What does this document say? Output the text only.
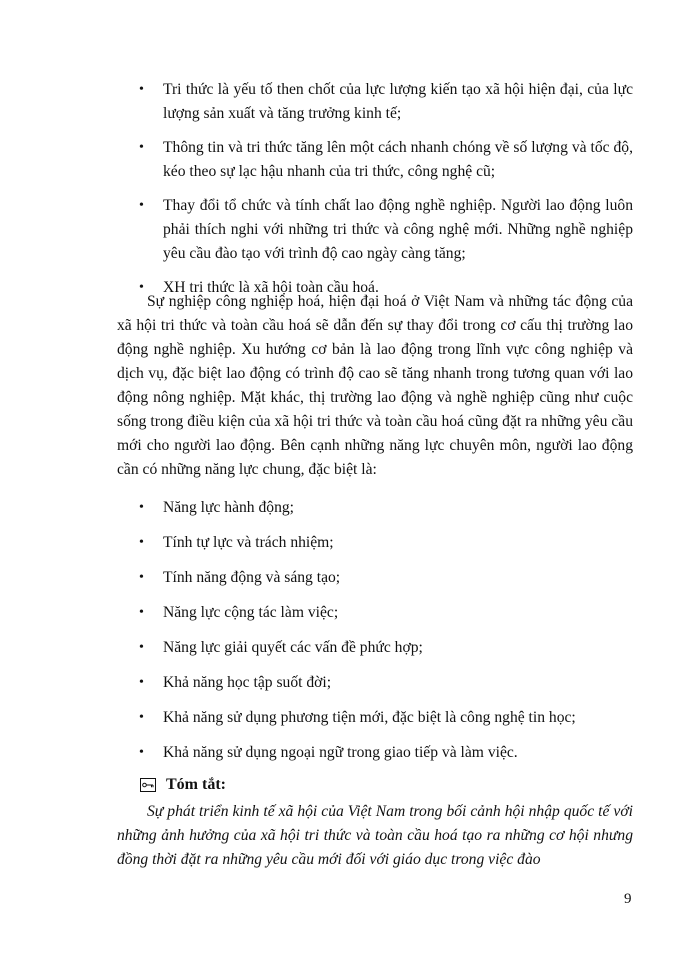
• Tri thức là yếu tố then chốt của lực lượng kiến tạo xã hội hiện đại, của lực lượng sản xuất và tăng trưởng kinh tế;
• Thông tin và tri thức tăng lên một cách nhanh chóng về số lượng và tốc độ, kéo theo sự lạc hậu nhanh của tri thức, công nghệ cũ;
• Thay đổi tổ chức và tính chất lao động nghề nghiệp. Người lao động luôn phải thích nghi với những tri thức và công nghệ mới. Những nghề nghiệp yêu cầu đào tạo với trình độ cao ngày càng tăng;
• XH tri thức là xã hội toàn cầu hoá.

Sự nghiệp công nghiệp hoá, hiện đại hoá ở Việt Nam và những tác động của xã hội tri thức và toàn cầu hoá sẽ dẫn đến sự thay đổi trong cơ cấu thị trường lao động nghề nghiệp. Xu hướng cơ bản là lao động trong lĩnh vực công nghiệp và dịch vụ, đặc biệt lao động có trình độ cao sẽ tăng nhanh trong tương quan với lao động nông nghiệp. Mặt khác, thị trường lao động và nghề nghiệp cũng như cuộc sống trong điều kiện của xã hội tri thức và toàn cầu hoá cũng đặt ra những yêu cầu mới cho người lao động. Bên cạnh những năng lực chuyên môn, người lao động cần có những năng lực chung, đặc biệt là:

• Năng lực hành động;
• Tính tự lực và trách nhiệm;
• Tính năng động và sáng tạo;
• Năng lực cộng tác làm việc;
• Năng lực giải quyết các vấn đề phức hợp;
• Khả năng học tập suốt đời;
• Khả năng sử dụng phương tiện mới, đặc biệt là công nghệ tin học;
• Khả năng sử dụng ngoại ngữ trong giao tiếp và làm việc.
Tóm tắt:

Sự phát triển kinh tế xã hội của Việt Nam trong bối cảnh hội nhập quốc tế với những ảnh hưởng của xã hội tri thức và toàn cầu hoá tạo ra những cơ hội nhưng đồng thời đặt ra những yêu cầu mới đối với giáo dục trong việc đào

9
